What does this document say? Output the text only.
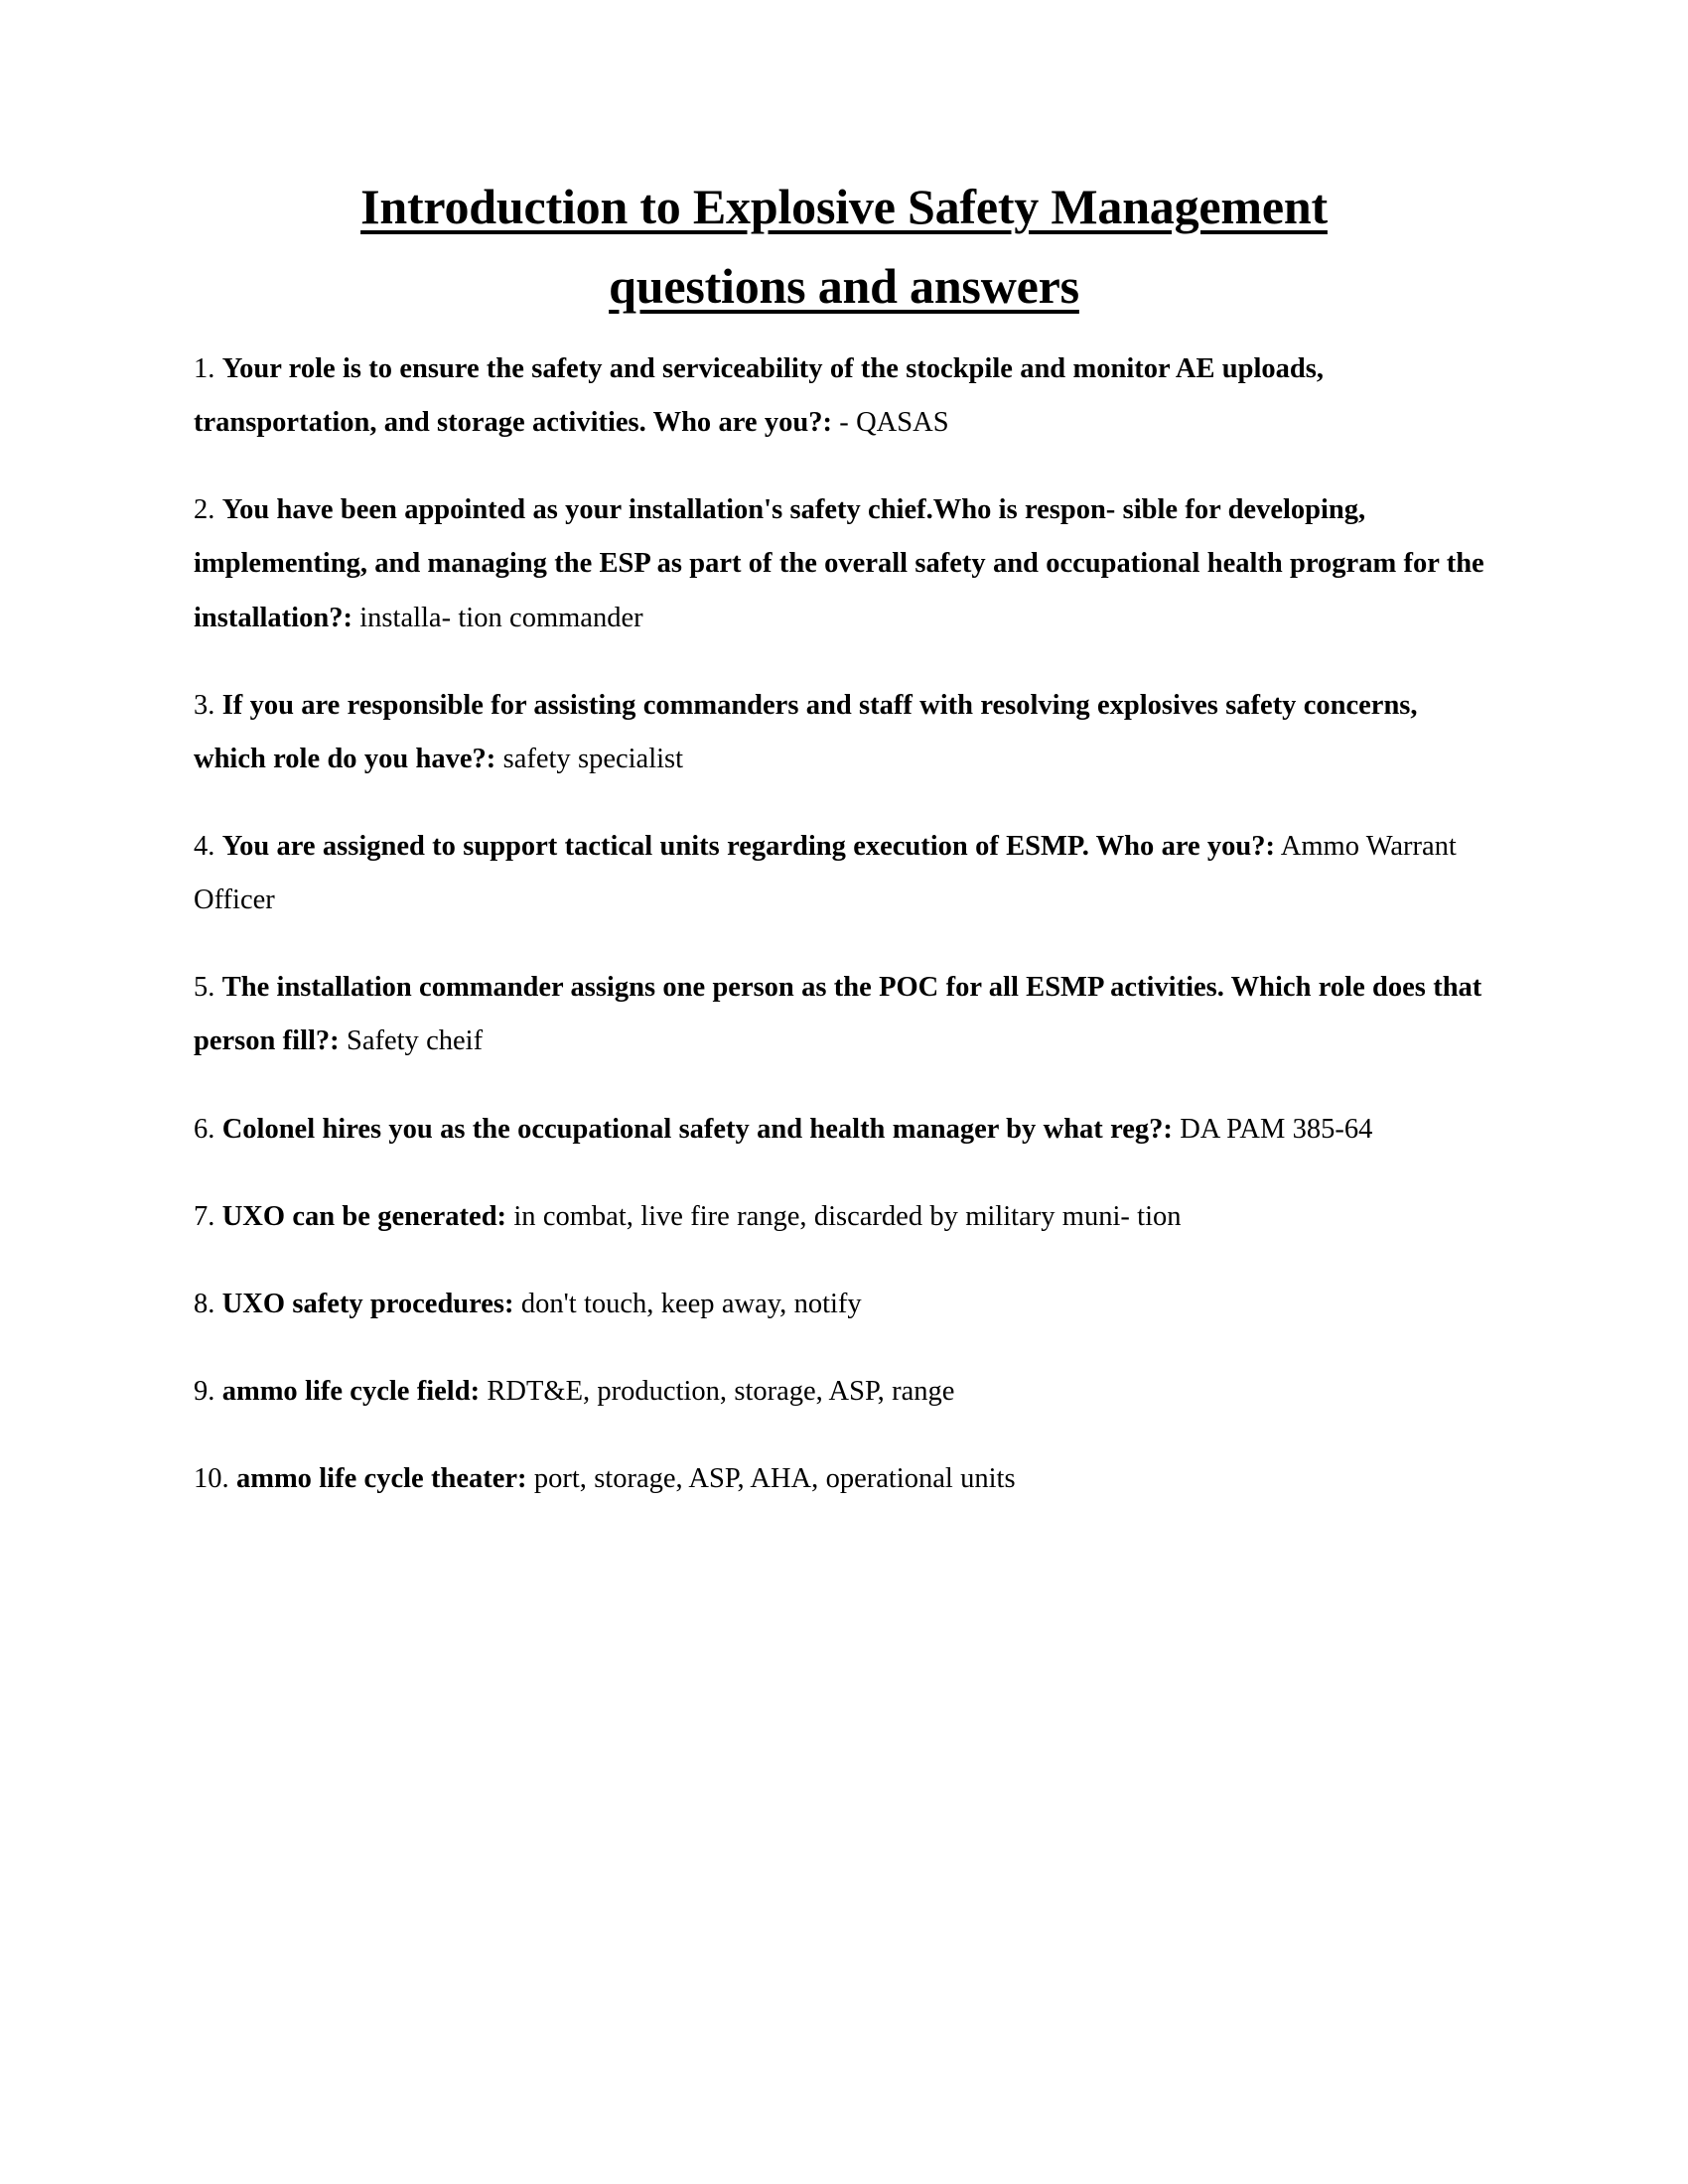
Introduction to Explosive Safety Management
questions and answers
1. Your role is to ensure the safety and serviceability of the stockpile and monitor AE uploads, transportation, and storage activities. Who are you?: - QASAS
2. You have been appointed as your installation's safety chief.Who is respon- sible for developing, implementing, and managing the ESP as part of the overall safety and occupational health program for the installation?: installa- tion commander
3. If you are responsible for assisting commanders and staff with resolving explosives safety concerns, which role do you have?: safety specialist
4. You are assigned to support tactical units regarding execution of ESMP. Who are you?: Ammo Warrant Officer
5. The installation commander assigns one person as the POC for all ESMP activities. Which role does that person fill?: Safety cheif
6. Colonel hires you as the occupational safety and health manager by what reg?: DA PAM 385-64
7. UXO can be generated: in combat, live fire range, discarded by military muni- tion
8. UXO safety procedures: don't touch, keep away, notify
9. ammo life cycle field: RDT&E, production, storage, ASP, range
10. ammo life cycle theater: port, storage, ASP, AHA, operational units
